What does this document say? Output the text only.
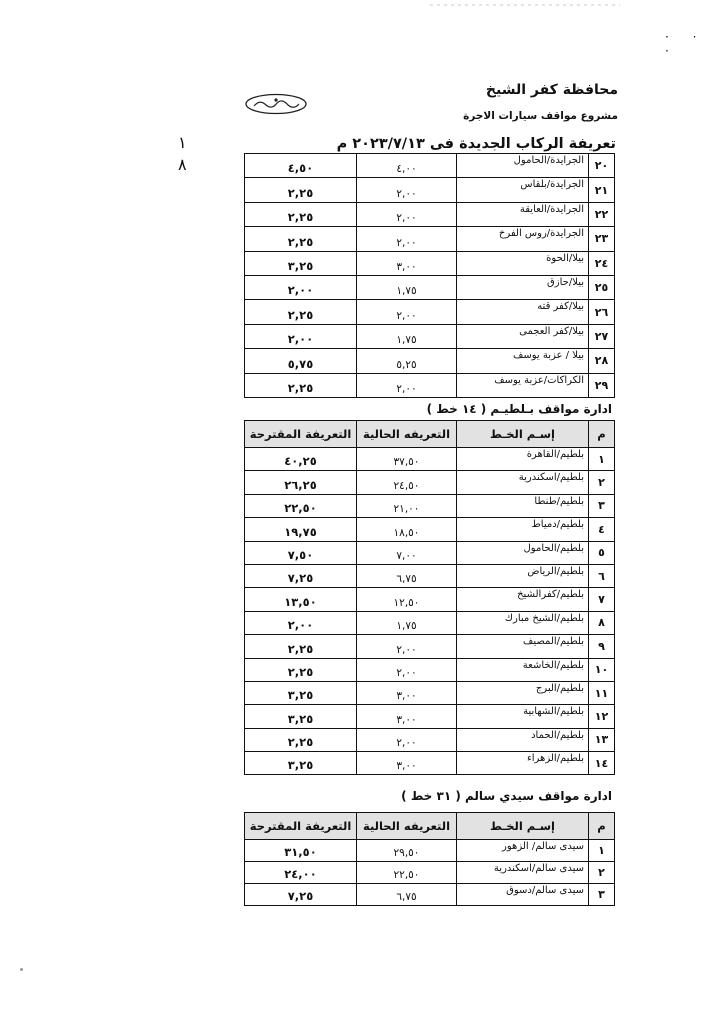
· · ·
محافظة كفر الشيخ
مشروع مواقف سيارات الاجرة
تعريفة الركاب الجديدة فى ٢٠٢٣/٧/١٣ م
١
٨	٢٠	الجرايدة/الحامول	٤,٠٠	٤,٥٠
٢١	الجرايدة/بلقاس	٢,٠٠	٢,٢٥
٢٢	الجرايدة/العايقة	٢,٠٠	٢,٢٥
٢٣	الجرايدة/روس الفرخ	٢,٠٠	٢,٢٥
٢٤	بيلا/الحوة	٣,٠٠	٣,٢٥
٢٥	بيلا/حازق	١,٧٥	٢,٠٠
٢٦	بيلا/كفر قته	٢,٠٠	٢,٢٥
٢٧	بيلا/كفر العجمى	١,٧٥	٢,٠٠
٢٨	بيلا / عزبة يوسف	٥,٢٥	٥,٧٥
٢٩	الكراكات/عزبة يوسف	٢,٠٠	٢,٢٥
ادارة مواقف بـلطيـم ( ١٤ خط )
م	إسـم الخـط	التعريفه الحالية	التعريفة المقترحة
١	بلطيم/القاهرة	٣٧,٥٠	٤٠,٢٥
٢	بلطيم/اسكندرية	٢٤,٥٠	٢٦,٢٥
٣	بلطيم/طنطا	٢١,٠٠	٢٢,٥٠
٤	بلطيم/دمياط	١٨,٥٠	١٩,٧٥
٥	بلطيم/الحامول	٧,٠٠	٧,٥٠
٦	بلطيم/الرياض	٦,٧٥	٧,٢٥
٧	بلطيم/كفرالشيخ	١٢,٥٠	١٣,٥٠
٨	بلطيم/الشيخ مبارك	١,٧٥	٢,٠٠
٩	بلطيم/المصيف	٢,٠٠	٢,٢٥
١٠	بلطيم/الخاشعة	٢,٠٠	٢,٢٥
١١	بلطيم/البرج	٣,٠٠	٣,٢٥
١٢	بلطيم/الشهابية	٣,٠٠	٣,٢٥
١٣	بلطيم/الحماد	٢,٠٠	٢,٢٥
١٤	بلطيم/الزهراء	٣,٠٠	٣,٢٥
ادارة مواقف سيدي سالم ( ٣١ خط )
م	إسـم الخـط	التعريفه الحالية	التعريفة المقترحة
١	سيدى سالم/ الزهور	٢٩,٥٠	٣١,٥٠
٢	سيدى سالم/اسكندرية	٢٢,٥٠	٢٤,٠٠
٣	سيدى سالم/دسوق	٦,٧٥	٧,٢٥
